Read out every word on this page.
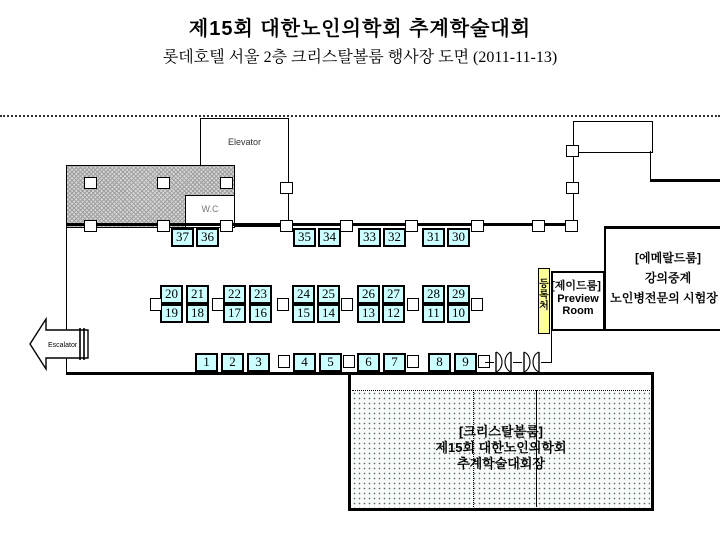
제15회 대한노인의학회 추계학술대회
롯데호텔 서울 2층 크리스탈볼룸 행사장 도면 (2011-11-13)
Elevator
W.C
37 36	35 34	33 32	31 30
20	21	22	23	24 25	26 27	28 29
19	18	17	16	15 14	13 12	11 10
1	2	3	4	5	6	7	8	9
Escalator
등록처
[제이드룸]
Preview
Room
[에메랄드룸]
강의중계
노인병전문의 시험장
[크리스탈볼룸]
제15회 대한노인의학회
추계학술대회장
